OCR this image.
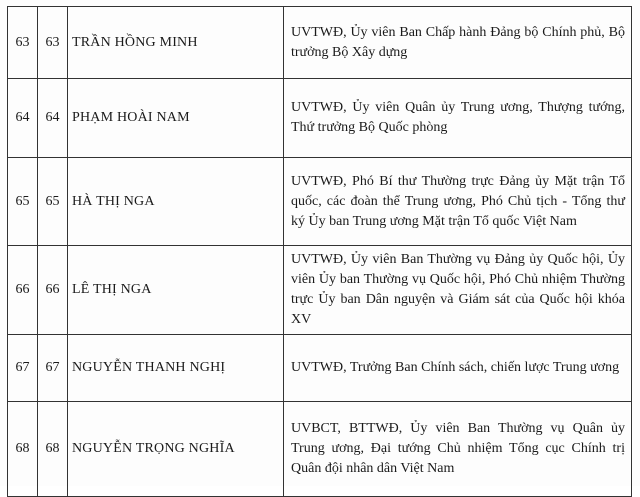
63	63	TRẦN HỒNG MINH	UVTWĐ, Ủy viên Ban Chấp hành Đảng bộ Chính phủ, Bộ trưởng Bộ Xây dựng

64	64	PHẠM HOÀI NAM	UVTWĐ, Ủy viên Quân ủy Trung ương, Thượng tướng, Thứ trưởng Bộ Quốc phòng

65	65	HÀ THỊ NGA	UVTWĐ, Phó Bí thư Thường trực Đảng ủy Mặt trận Tổ quốc, các đoàn thể Trung ương, Phó Chủ tịch - Tổng thư ký Ủy ban Trung ương Mặt trận Tổ quốc Việt Nam

66	66	LÊ THỊ NGA	UVTWĐ, Ủy viên Ban Thường vụ Đảng ủy Quốc hội, Ủy viên Ủy ban Thường vụ Quốc hội, Phó Chủ nhiệm Thường trực Ủy ban Dân nguyện và Giám sát của Quốc hội khóa XV

67	67	NGUYỄN THANH NGHỊ	UVTWĐ, Trưởng Ban Chính sách, chiến lược Trung ương

68	68	NGUYỄN TRỌNG NGHĨA	UVBCT, BTTWĐ, Ủy viên Ban Thường vụ Quân ủy Trung ương, Đại tướng Chủ nhiệm Tổng cục Chính trị Quân đội nhân dân Việt Nam
